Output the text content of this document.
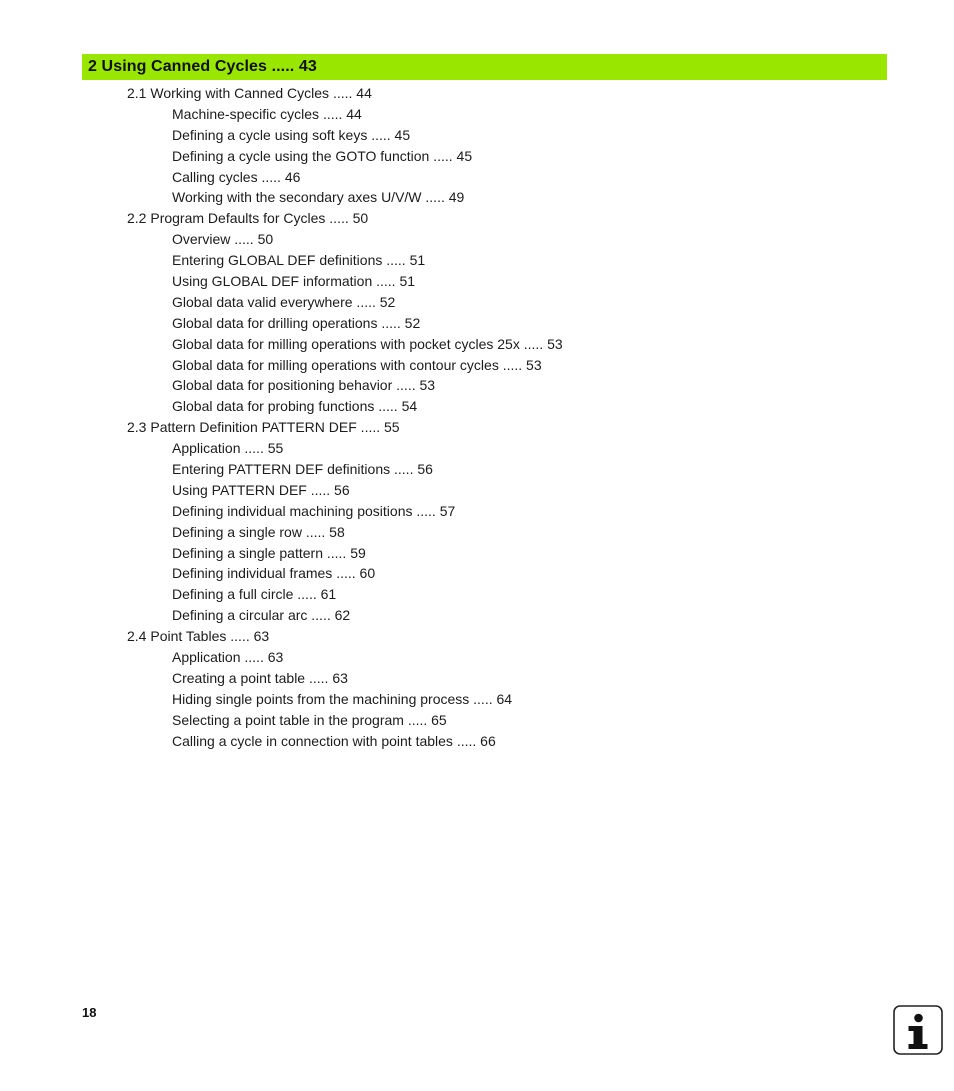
2 Using Canned Cycles ..... 43
2.1 Working with Canned Cycles ..... 44
Machine-specific cycles ..... 44
Defining a cycle using soft keys ..... 45
Defining a cycle using the GOTO function ..... 45
Calling cycles ..... 46
Working with the secondary axes U/V/W ..... 49
2.2 Program Defaults for Cycles ..... 50
Overview ..... 50
Entering GLOBAL DEF definitions ..... 51
Using GLOBAL DEF information ..... 51
Global data valid everywhere ..... 52
Global data for drilling operations ..... 52
Global data for milling operations with pocket cycles 25x ..... 53
Global data for milling operations with contour cycles ..... 53
Global data for positioning behavior ..... 53
Global data for probing functions ..... 54
2.3 Pattern Definition PATTERN DEF ..... 55
Application ..... 55
Entering PATTERN DEF definitions ..... 56
Using PATTERN DEF ..... 56
Defining individual machining positions ..... 57
Defining a single row ..... 58
Defining a single pattern ..... 59
Defining individual frames ..... 60
Defining a full circle ..... 61
Defining a circular arc ..... 62
2.4 Point Tables ..... 63
Application ..... 63
Creating a point table ..... 63
Hiding single points from the machining process ..... 64
Selecting a point table in the program ..... 65
Calling a cycle in connection with point tables ..... 66
18
